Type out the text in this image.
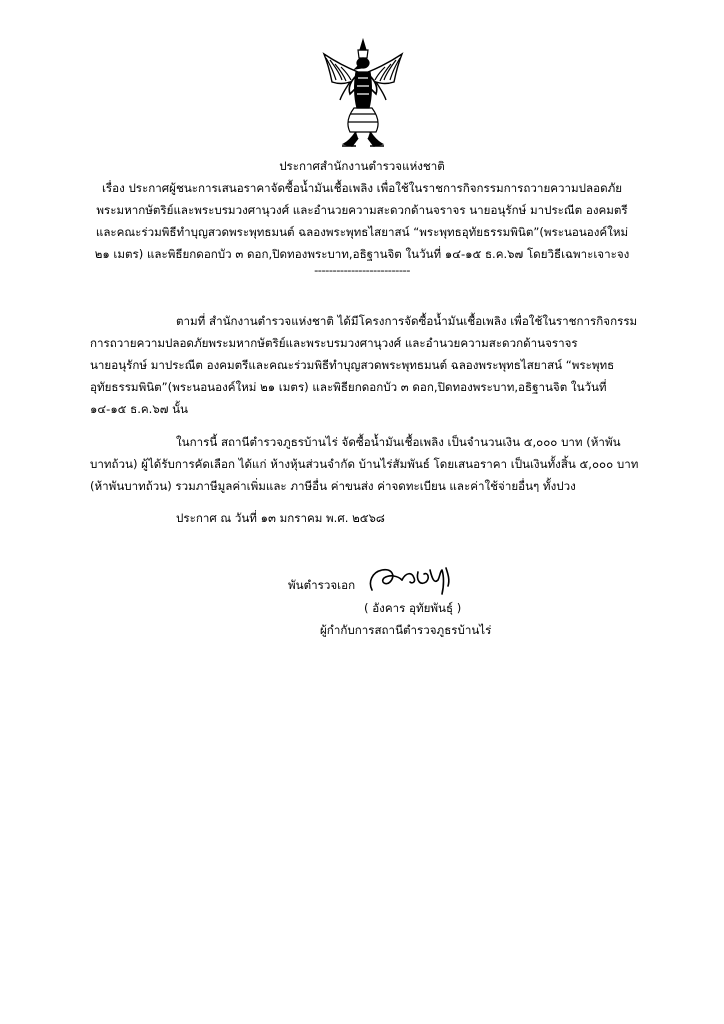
ประกาศสำนักงานตำรวจแห่งชาติ
เรื่อง ประกาศผู้ชนะการเสนอราคาจัดซื้อน้ำมันเชื้อเพลิง เพื่อใช้ในราชการกิจกรรมการถวายความปลอดภัย
พระมหากษัตริย์และพระบรมวงศานุวงศ์ และอำนวยความสะดวกด้านจราจร นายอนุรักษ์ มาประณีต องคมตรี
และคณะร่วมพิธีทำบุญสวดพระพุทธมนต์ ฉลองพระพุทธไสยาสน์ “พระพุทธอุทัยธรรมพินิต”(พระนอนองค์ใหม่
๒๑ เมตร) และพิธียกดอกบัว ๓ ดอก,ปิดทองพระบาท,อธิฐานจิต ในวันที่ ๑๔-๑๕ ธ.ค.๖๗ โดยวิธีเฉพาะเจาะจง
--------------------------
ตามที่ สำนักงานตำรวจแห่งชาติ ได้มีโครงการจัดซื้อน้ำมันเชื้อเพลิง เพื่อใช้ในราชการกิจกรรม
การถวายความปลอดภัยพระมหากษัตริย์และพระบรมวงศานุวงศ์ และอำนวยความสะดวกด้านจราจร
นายอนุรักษ์ มาประณีต องคมตรีและคณะร่วมพิธีทำบุญสวดพระพุทธมนต์ ฉลองพระพุทธไสยาสน์ “พระพุทธ
อุทัยธรรมพินิต”(พระนอนองค์ใหม่ ๒๑ เมตร) และพิธียกดอกบัว ๓ ดอก,ปิดทองพระบาท,อธิฐานจิต ในวันที่
๑๔-๑๕ ธ.ค.๖๗ นั้น
ในการนี้ สถานีตำรวจภูธรบ้านไร่ จัดซื้อน้ำมันเชื้อเพลิง เป็นจำนวนเงิน ๕,๐๐๐ บาท (ห้าพัน
บาทถ้วน) ผู้ได้รับการคัดเลือก ได้แก่ ห้างหุ้นส่วนจำกัด บ้านไร่สัมพันธ์ โดยเสนอราคา เป็นเงินทั้งสิ้น ๕,๐๐๐ บาท
(ห้าพันบาทถ้วน) รวมภาษีมูลค่าเพิ่มและ ภาษีอื่น ค่าขนส่ง ค่าจดทะเบียน และค่าใช้จ่ายอื่นๆ ทั้งปวง
ประกาศ ณ วันที่ ๑๓ มกราคม พ.ศ. ๒๕๖๘
พันตำรวจเอก
( อังคาร อุทัยพันธุ์ )
ผู้กำกับการสถานีตำรวจภูธรบ้านไร่
